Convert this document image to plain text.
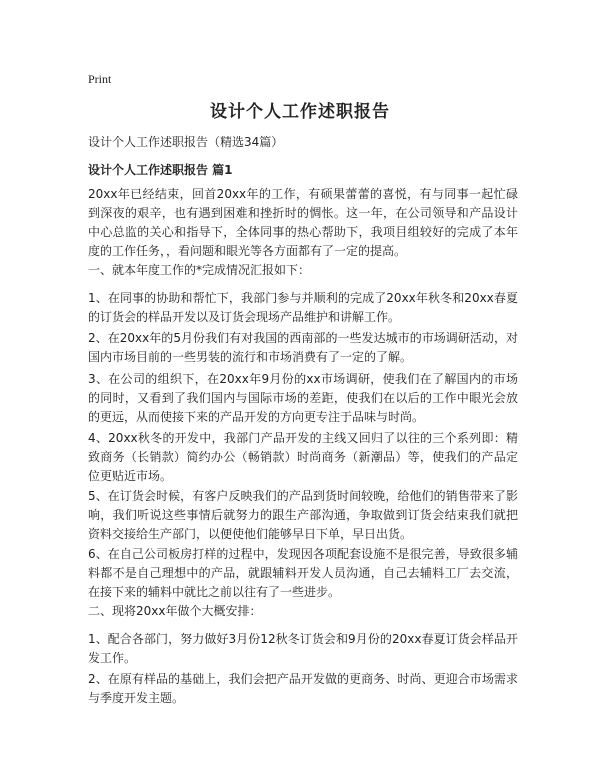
Print
设计个人工作述职报告
设计个人工作述职报告（精选34篇）
设计个人工作述职报告 篇1

20xx年已经结束，回首20xx年的工作，有硕果蕾蕾的喜悦，有与同事一起忙碌到深夜的艰辛，也有遇到困难和挫折时的惆怅。这一年，在公司领导和产品设计中心总监的关心和指导下，全体同事的热心帮助下，我项目组较好的完成了本年度的工作任务，，看问题和眼光等各方面都有了一定的提高。

一、就本年度工作的*完成情况汇报如下：

1、在同事的协助和帮忙下，我部门参与并顺利的完成了20xx年秋冬和20xx春夏的订货会的样品开发以及订货会现场产品维护和讲解工作。

2、在20xx年的5月份我们有对我国的西南部的一些发达城市的市场调研活动，对国内市场目前的一些男装的流行和市场消费有了一定的了解。

3、在公司的组织下，在20xx年9月份的xx市场调研，使我们在了解国内的市场的同时，又看到了我们国内与国际市场的差距，使我们在以后的工作中眼光会放的更远，从而使接下来的产品开发的方向更专注于品味与时尚。

4、20xx秋冬的开发中，我部门产品开发的主线又回归了以往的三个系列即：精致商务（长销款）简约办公（畅销款）时尚商务（新潮品）等，使我们的产品定位更贴近市场。

5、在订货会时候，有客户反映我们的产品到货时间较晚，给他们的销售带来了影响，我们听说这些事情后就努力的跟生产部沟通，争取做到订货会结束我们就把资料交接给生产部门，以便使他们能够早日下单，早日出货。

6、在自己公司板房打样的过程中，发现因各项配套设施不是很完善，导致很多辅料都不是自己理想中的产品，就跟辅料开发人员沟通，自己去辅料工厂去交流，在接下来的辅料中就比之前以往有了一些进步。

二、现将20xx年做个大概安排：

1、配合各部门，努力做好3月份12秋冬订货会和9月份的20xx春夏订货会样品开发工作。

2、在原有样品的基础上，我们会把产品开发做的更商务、时尚、更迎合市场需求与季度开发主题。
